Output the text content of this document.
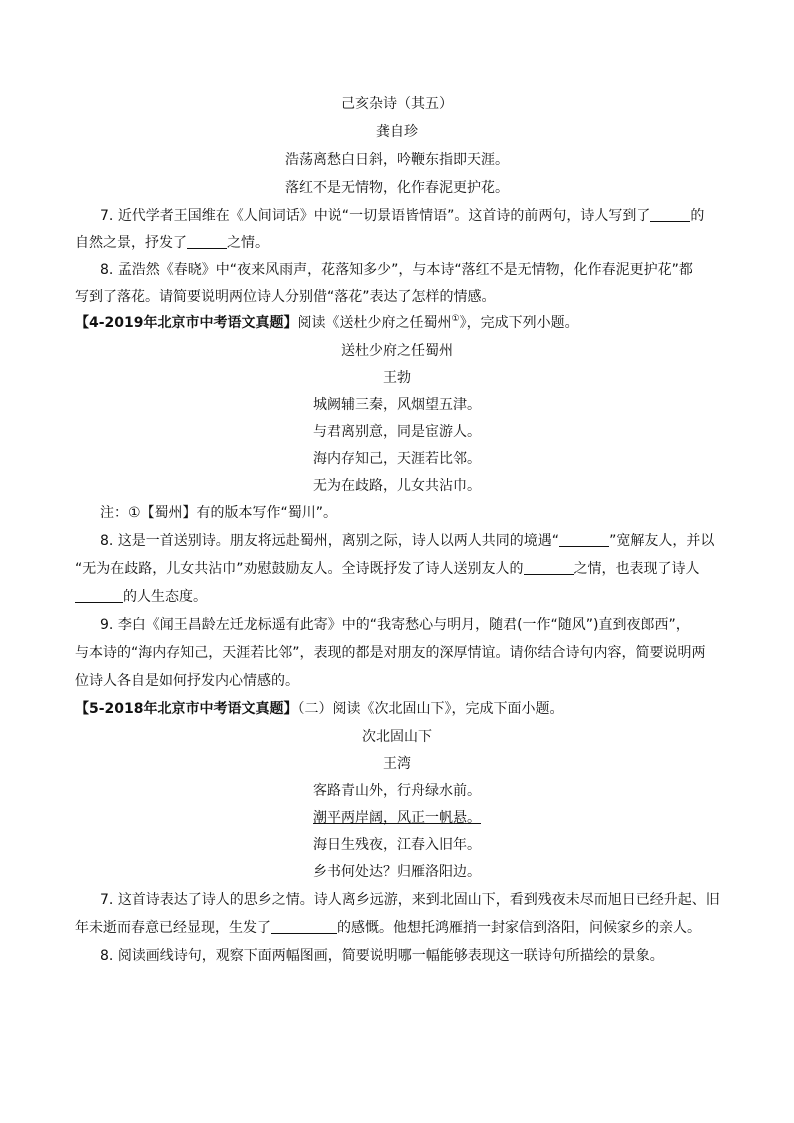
己亥杂诗（其五）
龚自珍
浩荡离愁白日斜，吟鞭东指即天涯。
落红不是无情物，化作春泥更护花。
7. 近代学者王国维在《人间词话》中说“一切景语皆情语”。这首诗的前两句，诗人写到了	的
自然之景，抒发了	之情。
8. 孟浩然《春晓》中“夜来风雨声，花落知多少”，与本诗“落红不是无情物，化作春泥更护花”都
写到了落花。请简要说明两位诗人分别借“落花”表达了怎样的情感。
【4-2019年北京市中考语文真题】阅读《送杜少府之任蜀州①》，完成下列小题。
送杜少府之任蜀州
王勃
城阙辅三秦，风烟望五津。
与君离别意，同是宦游人。
海内存知己，天涯若比邻。
无为在歧路，儿女共沾巾。
注：①【蜀州】有的版本写作“蜀川”。
8. 这是一首送别诗。朋友将远赴蜀州，离别之际，诗人以两人共同的境遇“	”宽解友人，并以
“无为在歧路，儿女共沾巾”劝慰鼓励友人。全诗既抒发了诗人送别友人的	之情，也表现了诗人
的人生态度。
9. 李白《闻王昌龄左迁龙标遥有此寄》中的“我寄愁心与明月，随君(一作“随风”)直到夜郎西”，
与本诗的“海内存知己，天涯若比邻”，表现的都是对朋友的深厚情谊。请你结合诗句内容，简要说明两
位诗人各自是如何抒发内心情感的。
【5-2018年北京市中考语文真题】（二）阅读《次北固山下》，完成下面小题。
次北固山下
王湾
客路青山外，行舟绿水前。
潮平两岸阔，风正一帆悬。
海日生残夜，江春入旧年。
乡书何处达？归雁洛阳边。
7. 这首诗表达了诗人的思乡之情。诗人离乡远游，来到北固山下，看到残夜未尽而旭日已经升起、旧
年未逝而春意已经显现，生发了	的感慨。他想托鸿雁捎一封家信到洛阳，问候家乡的亲人。
8. 阅读画线诗句，观察下面两幅图画，简要说明哪一幅能够表现这一联诗句所描绘的景象。
